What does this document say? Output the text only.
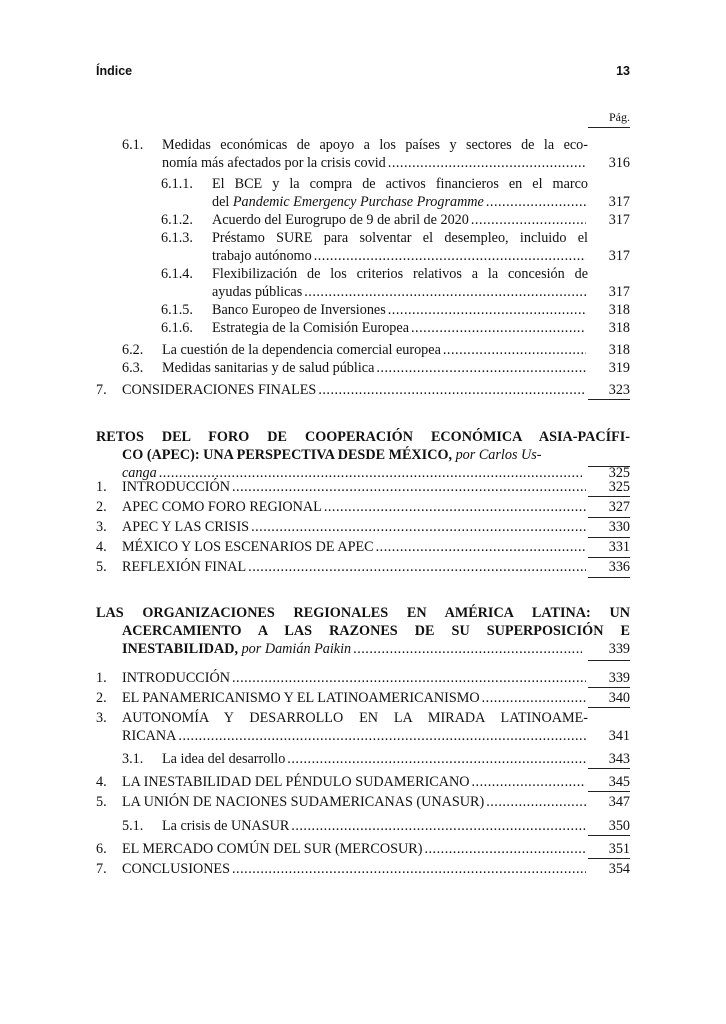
Índice	13
Pág.
6.1. Medidas económicas de apoyo a los países y sectores de la eco-
nomía más afectados por la crisis covid .....	316
6.1.1. El BCE y la compra de activos financieros en el marco
del Pandemic Emergency Purchase Programme .....	317
6.1.2. Acuerdo del Eurogrupo de 9 de abril de 2020 .....	317
6.1.3. Préstamo SURE para solventar el desempleo, incluido el
trabajo autónomo .....	317
6.1.4. Flexibilización de los criterios relativos a la concesión de
ayudas públicas .....	317
6.1.5. Banco Europeo de Inversiones .....	318
6.1.6. Estrategia de la Comisión Europea .....	318
6.2. La cuestión de la dependencia comercial europea .....	318
6.3. Medidas sanitarias y de salud pública .....	319
7. CONSIDERACIONES FINALES .....	323
RETOS DEL FORO DE COOPERACIÓN ECONÓMICA ASIA-PACÍFI-
CO (APEC): UNA PERSPECTIVA DESDE MÉXICO, por Carlos Us-
canga .....	325
1. INTRODUCCIÓN .....	325
2. APEC COMO FORO REGIONAL .....	327
3. APEC Y LAS CRISIS .....	330
4. MÉXICO Y LOS ESCENARIOS DE APEC .....	331
5. REFLEXIÓN FINAL .....	336
LAS ORGANIZACIONES REGIONALES EN AMÉRICA LATINA: UN
ACERCAMIENTO A LAS RAZONES DE SU SUPERPOSICIÓN E
INESTABILIDAD, por Damián Paikin .....	339
1. INTRODUCCIÓN .....	339
2. EL PANAMERICANISMO Y EL LATINOAMERICANISMO .....	340
3. AUTONOMÍA Y DESARROLLO EN LA MIRADA LATINOAME-
RICANA .....	341
3.1. La idea del desarrollo .....	343
4. LA INESTABILIDAD DEL PÉNDULO SUDAMERICANO .....	345
5. LA UNIÓN DE NACIONES SUDAMERICANAS (UNASUR) .....	347
5.1. La crisis de UNASUR .....	350
6. EL MERCADO COMÚN DEL SUR (MERCOSUR) .....	351
7. CONCLUSIONES .....	354
